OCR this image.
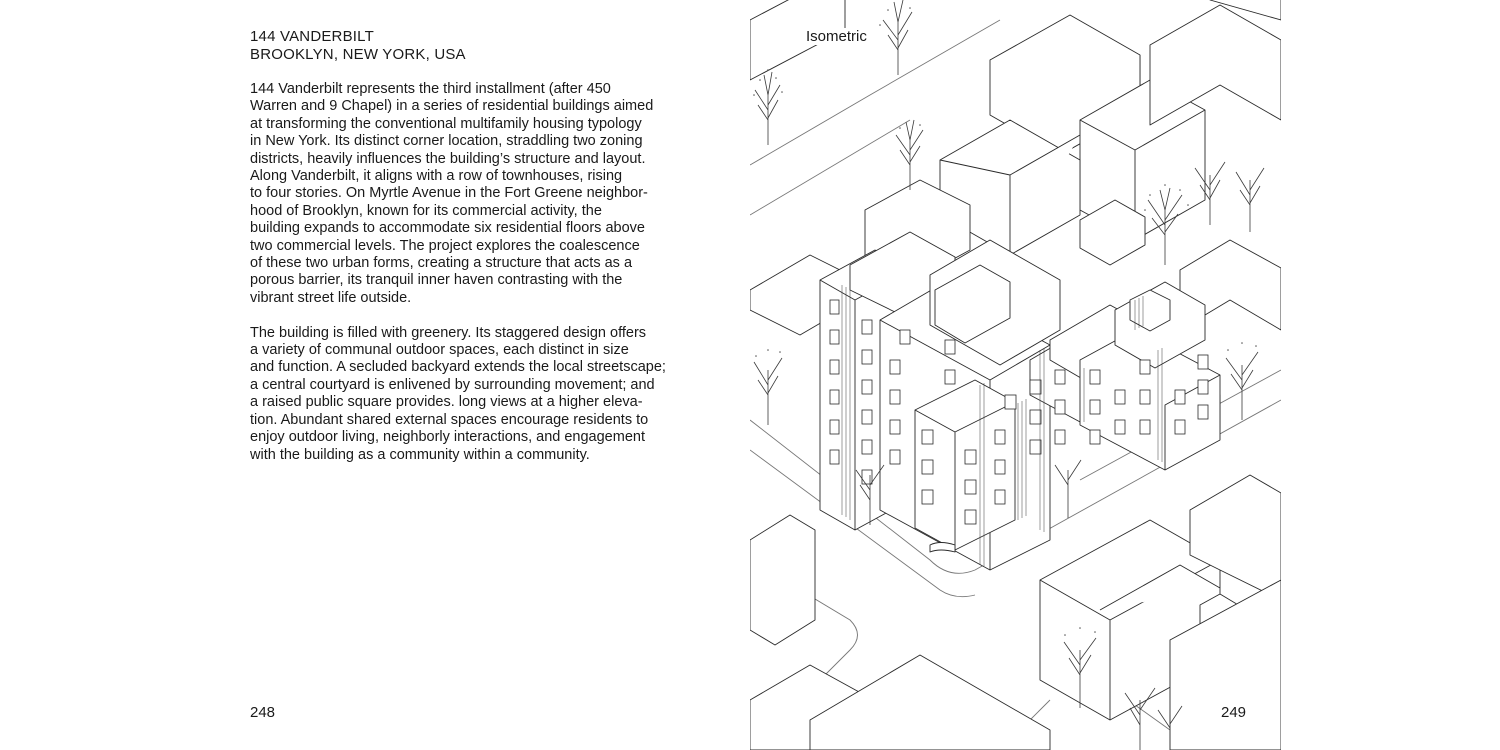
144 VANDERBILT
BROOKLYN, NEW YORK, USA

144 Vanderbilt represents the third installment (after 450
Warren and 9 Chapel) in a series of residential buildings aimed
at transforming the conventional multifamily housing typology
in New York. Its distinct corner location, straddling two zoning
districts, heavily influences the building’s structure and layout.
Along Vanderbilt, it aligns with a row of townhouses, rising
to four stories. On Myrtle Avenue in the Fort Greene neighbor-
hood of Brooklyn, known for its commercial activity, the
building expands to accommodate six residential floors above
two commercial levels. The project explores the coalescence
of these two urban forms, creating a structure that acts as a
porous barrier, its tranquil inner haven contrasting with the
vibrant street life outside.

The building is filled with greenery. Its staggered design offers
a variety of communal outdoor spaces, each distinct in size
and function. A secluded backyard extends the local streetscape;
a central courtyard is enlivened by surrounding movement; and
a raised public square provides. long views at a higher eleva-
tion. Abundant shared external spaces encourage residents to
enjoy outdoor living, neighborly interactions, and engagement
with the building as a community within a community.

248
Isometric
249
